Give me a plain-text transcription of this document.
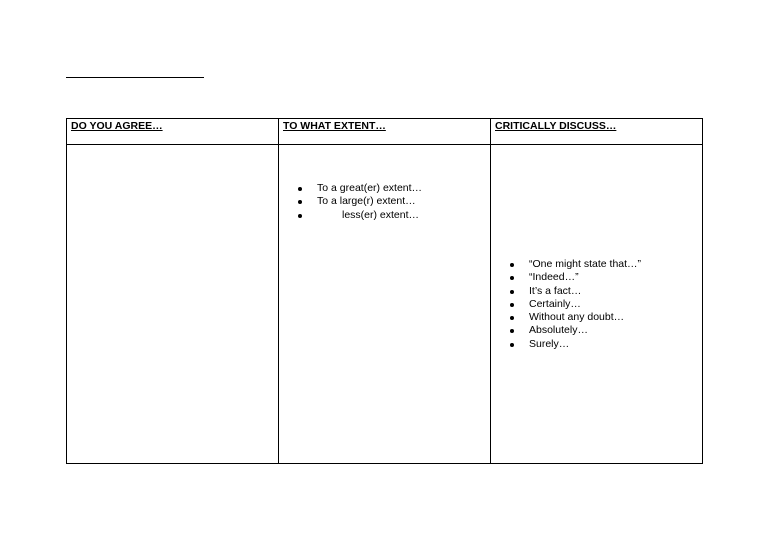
DO YOU AGREE…	TO WHAT EXTENT…	CRITICALLY DISCUSS…
To a great(er) extent…
To a large(r) extent…
less(er) extent…
“One might state that…”
“Indeed…”
It’s a fact…
Certainly…
Without any doubt…
Absolutely…
Surely…
